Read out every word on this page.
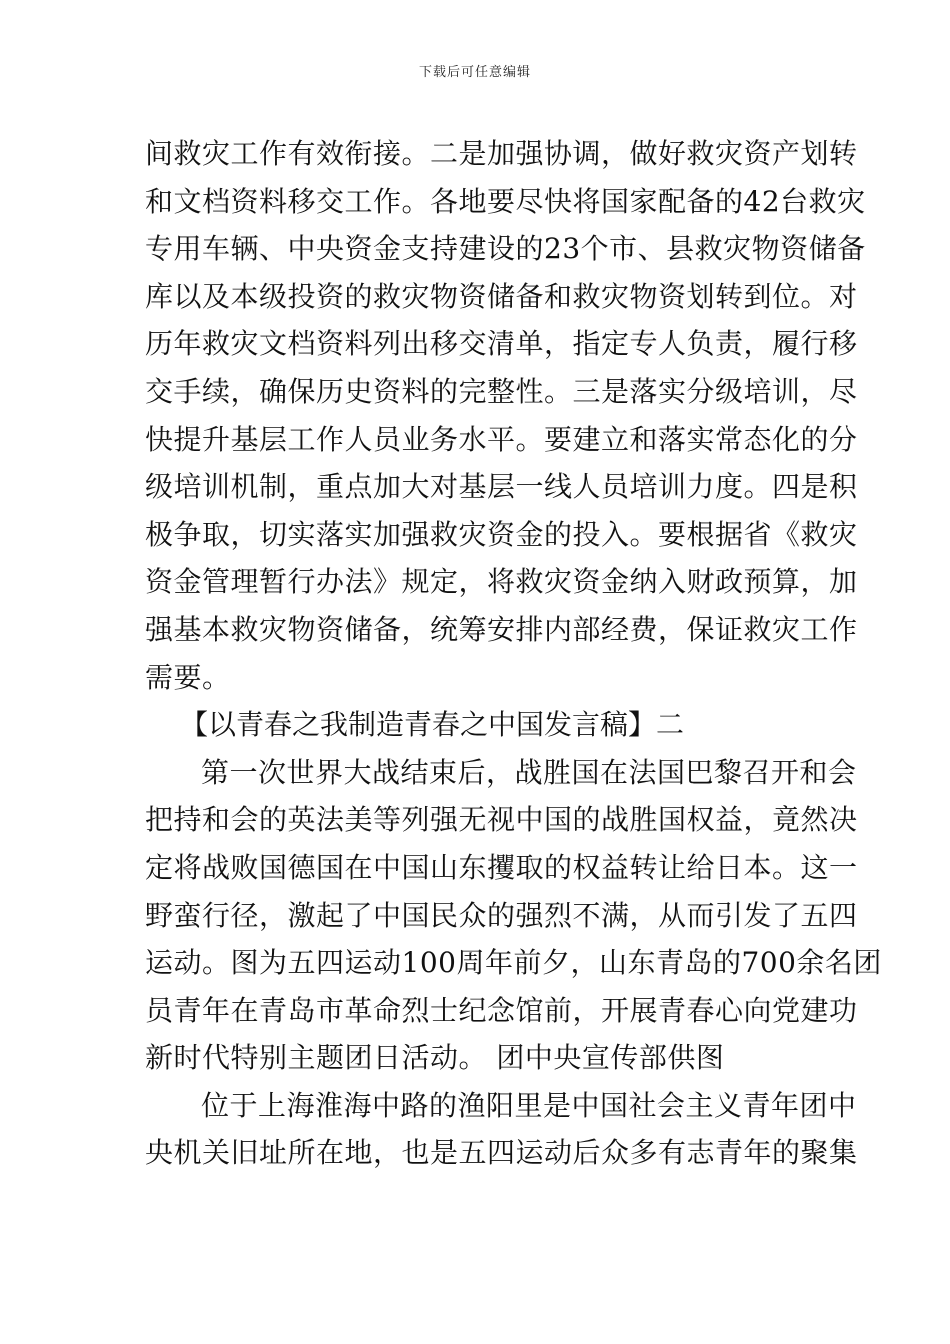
下载后可任意编辑
间救灾工作有效衔接。二是加强协调，做好救灾资产划转
和文档资料移交工作。各地要尽快将国家配备的42台救灾
专用车辆、中央资金支持建设的23个市、县救灾物资储备
库以及本级投资的救灾物资储备和救灾物资划转到位。对
历年救灾文档资料列出移交清单，指定专人负责，履行移
交手续，确保历史资料的完整性。三是落实分级培训，尽
快提升基层工作人员业务水平。要建立和落实常态化的分
级培训机制，重点加大对基层一线人员培训力度。四是积
极争取，切实落实加强救灾资金的投入。要根据省《救灾
资金管理暂行办法》规定，将救灾资金纳入财政预算，加
强基本救灾物资储备，统筹安排内部经费，保证救灾工作
需要。
【以青春之我制造青春之中国发言稿】二
第一次世界大战结束后，战胜国在法国巴黎召开和会
把持和会的英法美等列强无视中国的战胜国权益，竟然决
定将战败国德国在中国山东攫取的权益转让给日本。这一
野蛮行径，激起了中国民众的强烈不满，从而引发了五四
运动。图为五四运动100周年前夕，山东青岛的700余名团
员青年在青岛市革命烈士纪念馆前，开展青春心向党建功
新时代特别主题团日活动。 团中央宣传部供图
位于上海淮海中路的渔阳里是中国社会主义青年团中
央机关旧址所在地，也是五四运动后众多有志青年的聚集
